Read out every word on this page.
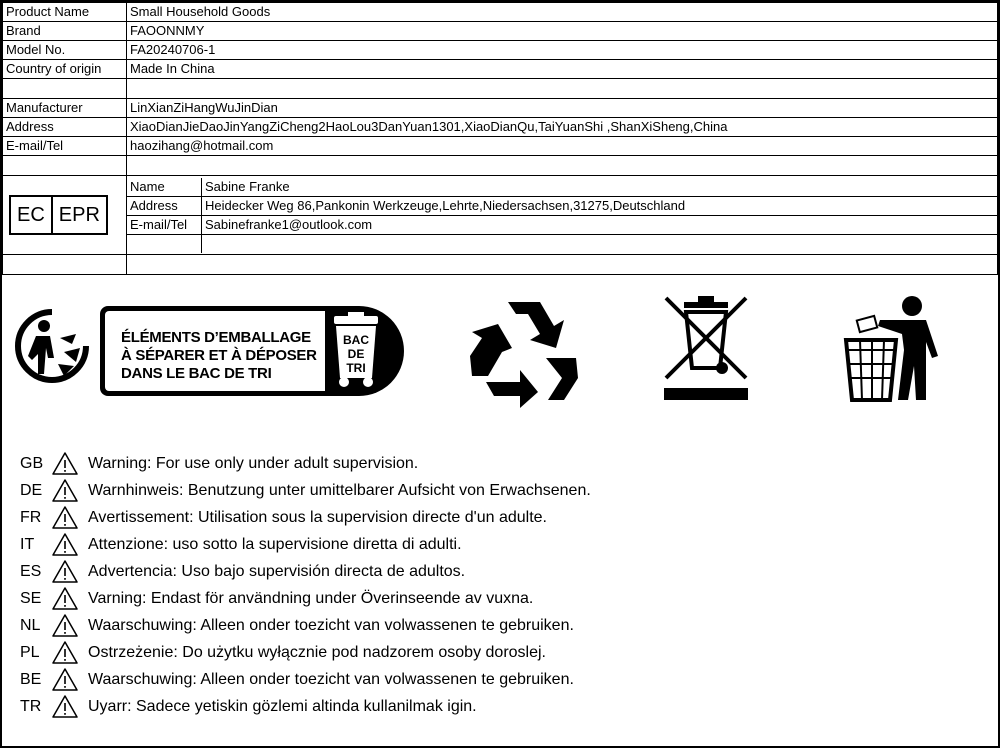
Product Name	Small Household Goods
Brand	FAOONNMY
Model No.	FA20240706-1
Country of origin	Made In China

Manufacturer	LinXianZiHangWuJinDian
Address	XiaoDianJieDaoJinYangZiCheng2HaoLou3DanYuan1301,XiaoDianQu,TaiYuanShi ,ShanXiSheng,China
E-mail/Tel	haozihang@hotmail.com

EC EPR

Name	Sabine Franke
Address	Heidecker Weg 86,Pankonin Werkzeuge,Lehrte,Niedersachsen,31275,Deutschland
E-mail/Tel	Sabinefranke1@outlook.com

ÉLÉMENTS D’EMBALLAGE
À SÉPARER ET À DÉPOSER
DANS LE BAC DE TRI
BAC
DE
TRI
GB	Warning: For use only under adult supervision.
DE	Warnhinweis: Benutzung unter umittelbarer Aufsicht von Erwachsenen.
FR	Avertissement: Utilisation sous la supervision directe d'un adulte.
IT	Attenzione: uso sotto la supervisione diretta di adulti.
ES	Advertencia: Uso bajo supervisión directa de adultos.
SE	Varning: Endast för användning under Överinseende av vuxna.
NL	Waarschuwing: Alleen onder toezicht van volwassenen te gebruiken.
PL	Ostrzeżenie: Do użytku wyłącznie pod nadzorem osoby doroslej.
BE	Waarschuwing: Alleen onder toezicht van volwassenen te gebruiken.
TR	Uyarr: Sadece yetiskin gözlemi altinda kullanilmak igin.
